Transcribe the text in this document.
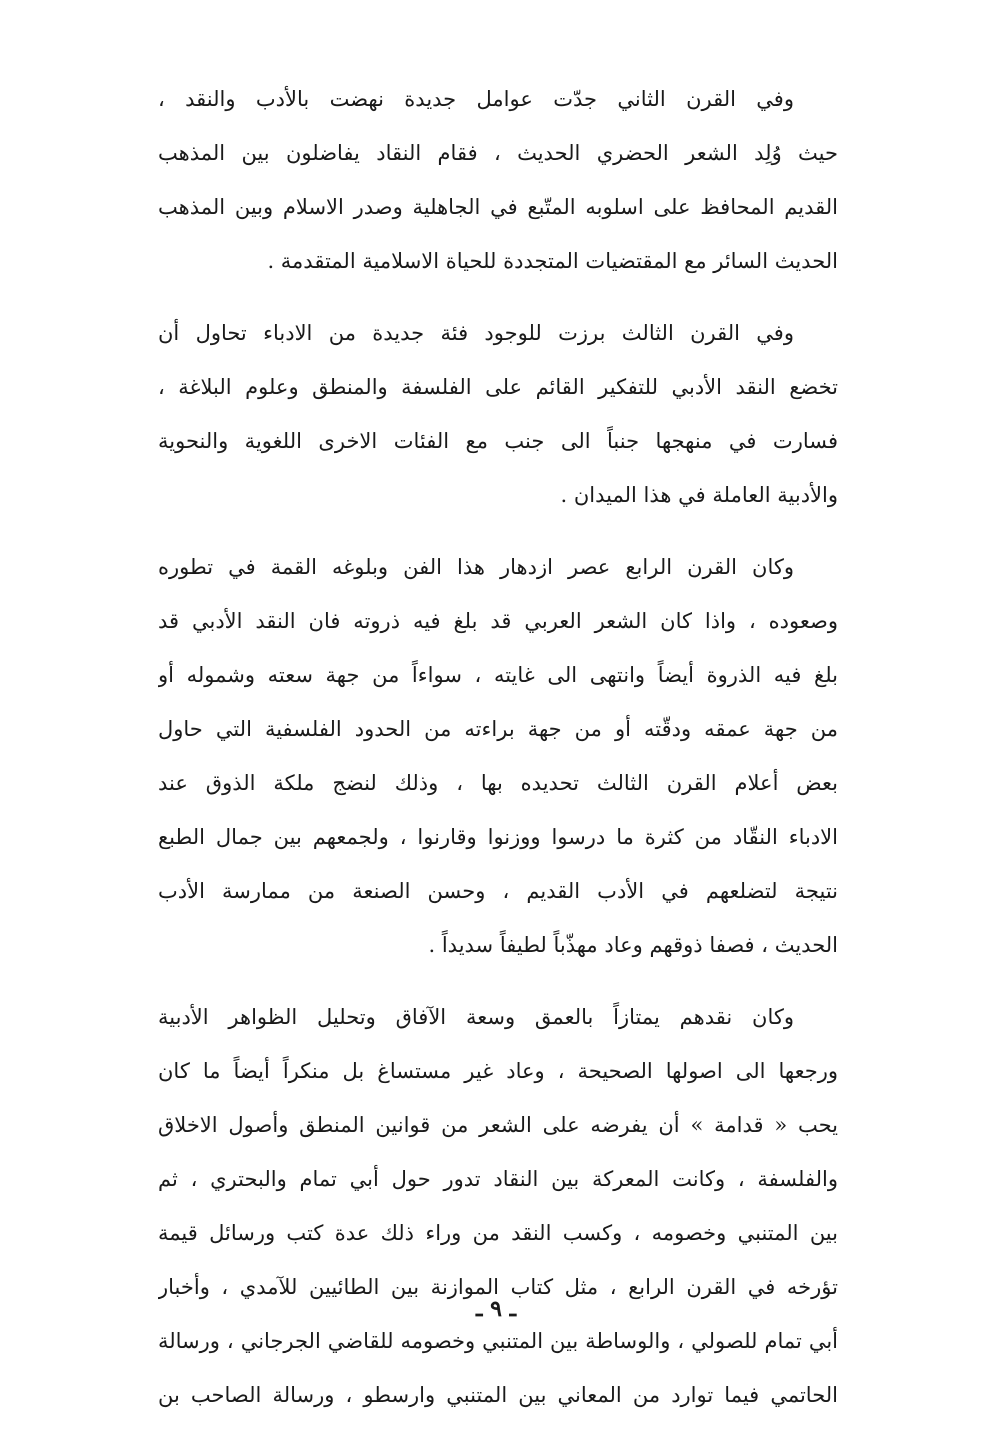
وفي القرن الثاني جدّت عوامل جديدة نهضت بالأدب والنقد ،
حيث وُلِد الشعر الحضري الحديث ، فقام النقاد يفاضلون بين المذهب
القديم المحافظ على اسلوبه المتّبع في الجاهلية وصدر الاسلام وبين المذهب
الحديث السائر مع المقتضيات المتجددة للحياة الاسلامية المتقدمة .
وفي القرن الثالث برزت للوجود فئة جديدة من الادباء تحاول أن
تخضع النقد الأدبي للتفكير القائم على الفلسفة والمنطق وعلوم البلاغة ،
فسارت في منهجها جنباً الى جنب مع الفئات الاخرى اللغوية والنحوية
والأدبية العاملة في هذا الميدان .
وكان القرن الرابع عصر ازدهار هذا الفن وبلوغه القمة في تطوره
وصعوده ، واذا كان الشعر العربي قد بلغ فيه ذروته فان النقد الأدبي قد
بلغ فيه الذروة أيضاً وانتهى الى غايته ، سواءاً من جهة سعته وشموله أو
من جهة عمقه ودقّته أو من جهة براءته من الحدود الفلسفية التي حاول
بعض أعلام القرن الثالث تحديده بها ، وذلك لنضج ملكة الذوق عند
الادباء النقّاد من كثرة ما درسوا ووزنوا وقارنوا ، ولجمعهم بين جمال الطبع
نتيجة لتضلعهم في الأدب القديم ، وحسن الصنعة من ممارسة الأدب
الحديث ، فصفا ذوقهم وعاد مهذّباً لطيفاً سديداً .
وكان نقدهم يمتازاً بالعمق وسعة الآفاق وتحليل الظواهر الأدبية
ورجعها الى اصولها الصحيحة ، وعاد غير مستساغ بل منكراً أيضاً ما كان
يحب « قدامة » أن يفرضه على الشعر من قوانين المنطق وأصول الاخلاق
والفلسفة ، وكانت المعركة بين النقاد تدور حول أبي تمام والبحتري ، ثم
بين المتنبي وخصومه ، وكسب النقد من وراء ذلك عدة كتب ورسائل قيمة
تؤرخه في القرن الرابع ، مثل كتاب الموازنة بين الطائيين للآمدي ، وأخبار
أبي تمام للصولي ، والوساطة بين المتنبي وخصومه للقاضي الجرجاني ، ورسالة
الحاتمي فيما توارد من المعاني بين المتنبي وارسطو ، ورسالة الصاحب بن
ـ ٩ ـ
